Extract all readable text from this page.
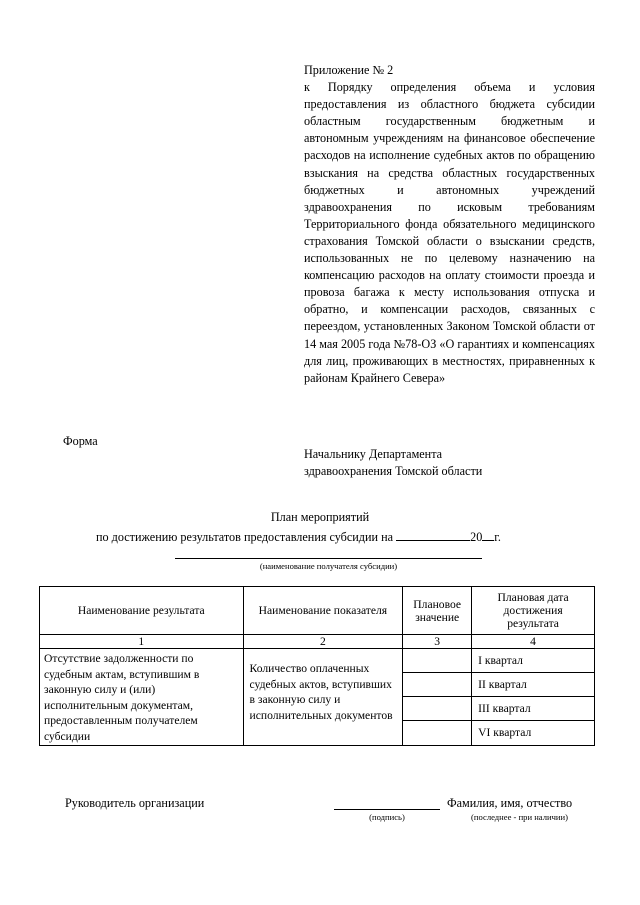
Приложение № 2
к Порядку определения объема и условия предоставления из областного бюджета субсидии областным государственным бюджетным и автономным учреждениям на финансовое обеспечение расходов на исполнение судебных актов по обращению взыскания на средства областных государственных бюджетных и автономных учреждений здравоохранения по исковым требованиям Территориального фонда обязательного медицинского страхования Томской области о взыскании средств, использованных не по целевому назначению на компенсацию расходов на оплату стоимости проезда и провоза багажа к месту использования отпуска и обратно, и компенсации расходов, связанных с переездом, установленных Законом Томской области от 14 мая 2005 года №78-ОЗ «О гарантиях и компенсациях для лиц, проживающих в местностях, приравненных к районам Крайнего Севера»
Форма
Начальнику Департамента
здравоохранения Томской области
План мероприятий
по достижению результатов предоставления субсидии на	20 г.
(наименование получателя субсидии)
Наименование результата	Наименование показателя	Плановое значение	Плановая дата достижения результата
1	2	3	4
Отсутствие задолженности по судебным актам, вступившим в законную силу и (или) исполнительным документам, предоставленным получателем субсидии	Количество оплаченных судебных актов, вступивших в законную силу и исполнительных документов		I квартал
			II квартал
			III квартал
			VI квартал
Руководитель организации
(подпись)
Фамилия, имя, отчество
(последнее - при наличии)
